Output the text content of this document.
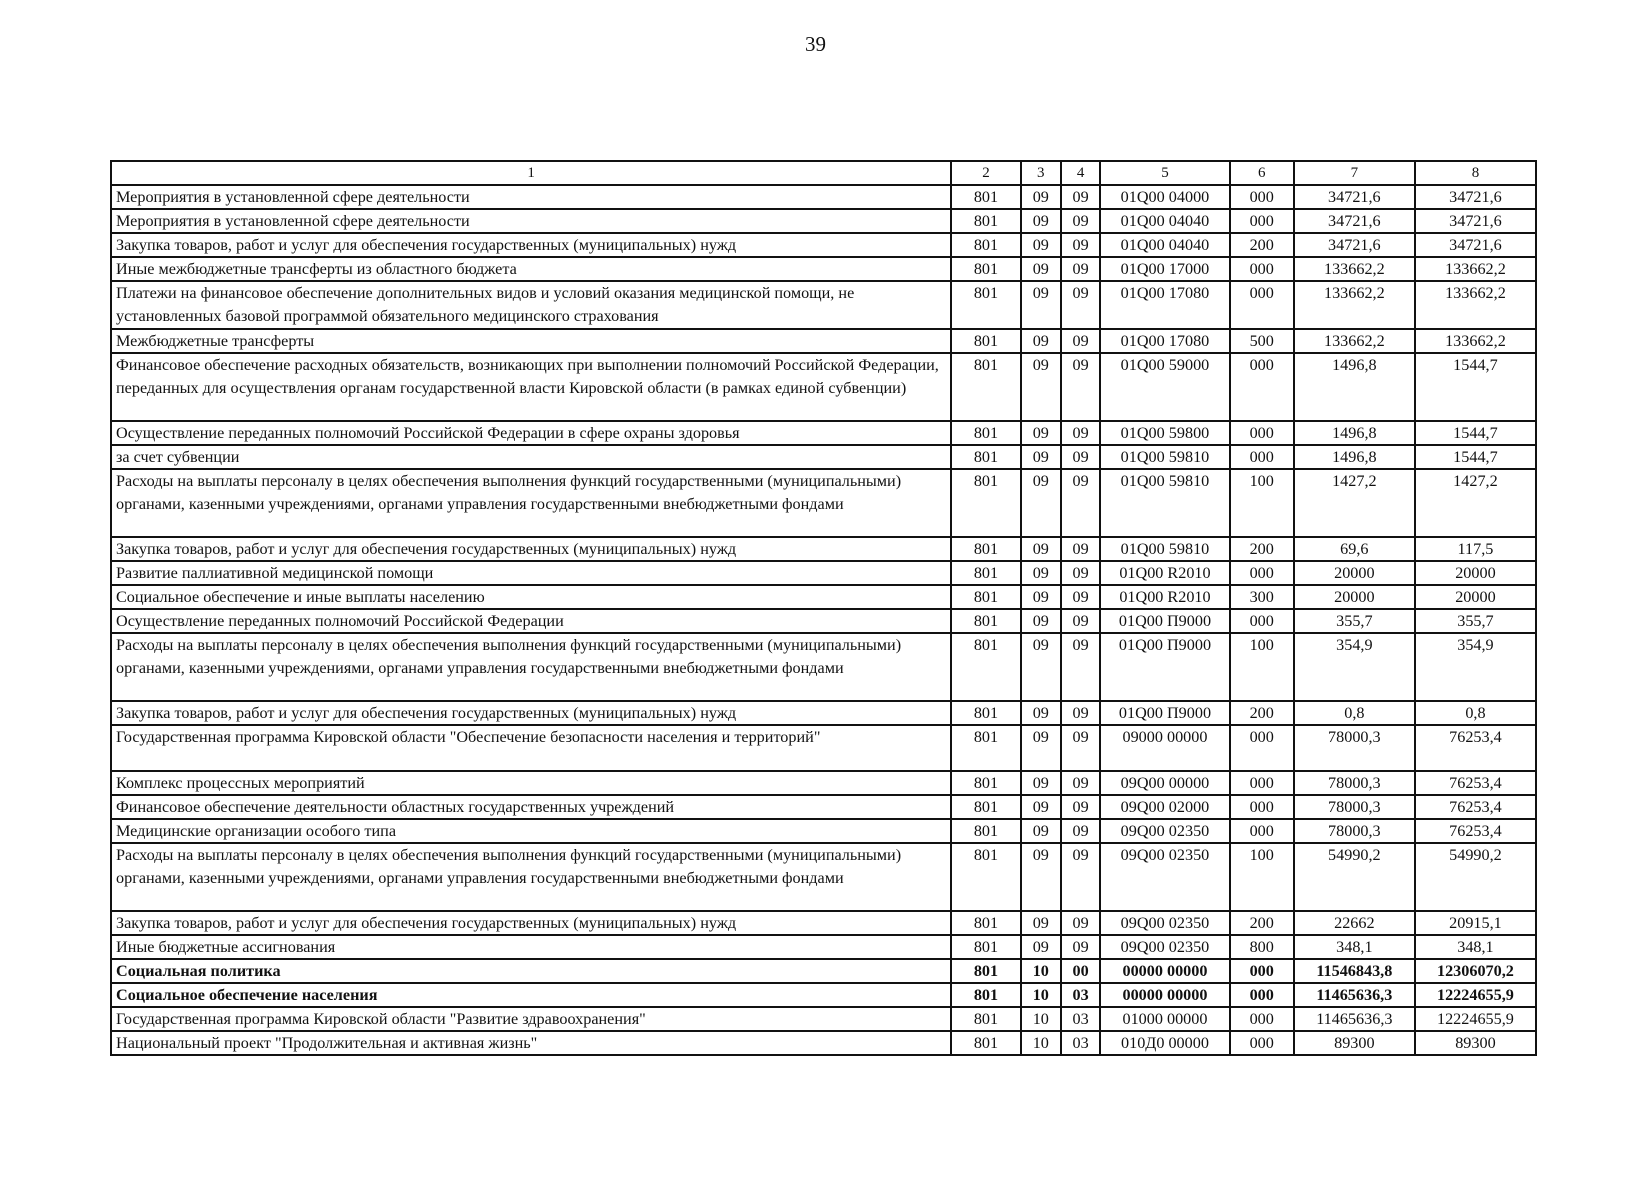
39
1	2	3	4	5	6	7	8
Мероприятия в установленной сфере деятельности	801	09	09	01Q00 04000	000	34721,6	34721,6
Мероприятия в установленной сфере деятельности	801	09	09	01Q00 04040	000	34721,6	34721,6
Закупка товаров, работ и услуг для обеспечения государственных (муниципальных) нужд	801	09	09	01Q00 04040	200	34721,6	34721,6
Иные межбюджетные трансферты из областного бюджета	801	09	09	01Q00 17000	000	133662,2	133662,2
Платежи на финансовое обеспечение дополнительных видов и условий оказания медицинской помощи, не установленных базовой программой обязательного медицинского страхования	801	09	09	01Q00 17080	000	133662,2	133662,2
Межбюджетные трансферты	801	09	09	01Q00 17080	500	133662,2	133662,2
Финансовое обеспечение расходных обязательств, возникающих при выполнении полномочий Российской Федерации, переданных для осуществления органам государственной власти Кировской области (в рамках единой субвенции)	801	09	09	01Q00 59000	000	1496,8	1544,7
Осуществление переданных полномочий Российской Федерации в сфере охраны здоровья	801	09	09	01Q00 59800	000	1496,8	1544,7
за счет субвенции	801	09	09	01Q00 59810	000	1496,8	1544,7
Расходы на выплаты персоналу в целях обеспечения выполнения функций государственными (муниципальными) органами, казенными учреждениями, органами управления государственными внебюджетными фондами	801	09	09	01Q00 59810	100	1427,2	1427,2
Закупка товаров, работ и услуг для обеспечения государственных (муниципальных) нужд	801	09	09	01Q00 59810	200	69,6	117,5
Развитие паллиативной медицинской помощи	801	09	09	01Q00 R2010	000	20000	20000
Социальное обеспечение и иные выплаты населению	801	09	09	01Q00 R2010	300	20000	20000
Осуществление переданных полномочий Российской Федерации	801	09	09	01Q00 П9000	000	355,7	355,7
Расходы на выплаты персоналу в целях обеспечения выполнения функций государственными (муниципальными) органами, казенными учреждениями, органами управления государственными внебюджетными фондами	801	09	09	01Q00 П9000	100	354,9	354,9
Закупка товаров, работ и услуг для обеспечения государственных (муниципальных) нужд	801	09	09	01Q00 П9000	200	0,8	0,8
Государственная программа Кировской области "Обеспечение безопасности населения и территорий"	801	09	09	09000 00000	000	78000,3	76253,4
Комплекс процессных мероприятий	801	09	09	09Q00 00000	000	78000,3	76253,4
Финансовое обеспечение деятельности областных государственных учреждений	801	09	09	09Q00 02000	000	78000,3	76253,4
Медицинские организации особого типа	801	09	09	09Q00 02350	000	78000,3	76253,4
Расходы на выплаты персоналу в целях обеспечения выполнения функций государственными (муниципальными) органами, казенными учреждениями, органами управления государственными внебюджетными фондами	801	09	09	09Q00 02350	100	54990,2	54990,2
Закупка товаров, работ и услуг для обеспечения государственных (муниципальных) нужд	801	09	09	09Q00 02350	200	22662	20915,1
Иные бюджетные ассигнования	801	09	09	09Q00 02350	800	348,1	348,1
Социальная политика	801	10	00	00000 00000	000	11546843,8	12306070,2
Социальное обеспечение населения	801	10	03	00000 00000	000	11465636,3	12224655,9
Государственная программа Кировской области "Развитие здравоохранения"	801	10	03	01000 00000	000	11465636,3	12224655,9
Национальный проект "Продолжительная и активная жизнь"	801	10	03	010Д0 00000	000	89300	89300
